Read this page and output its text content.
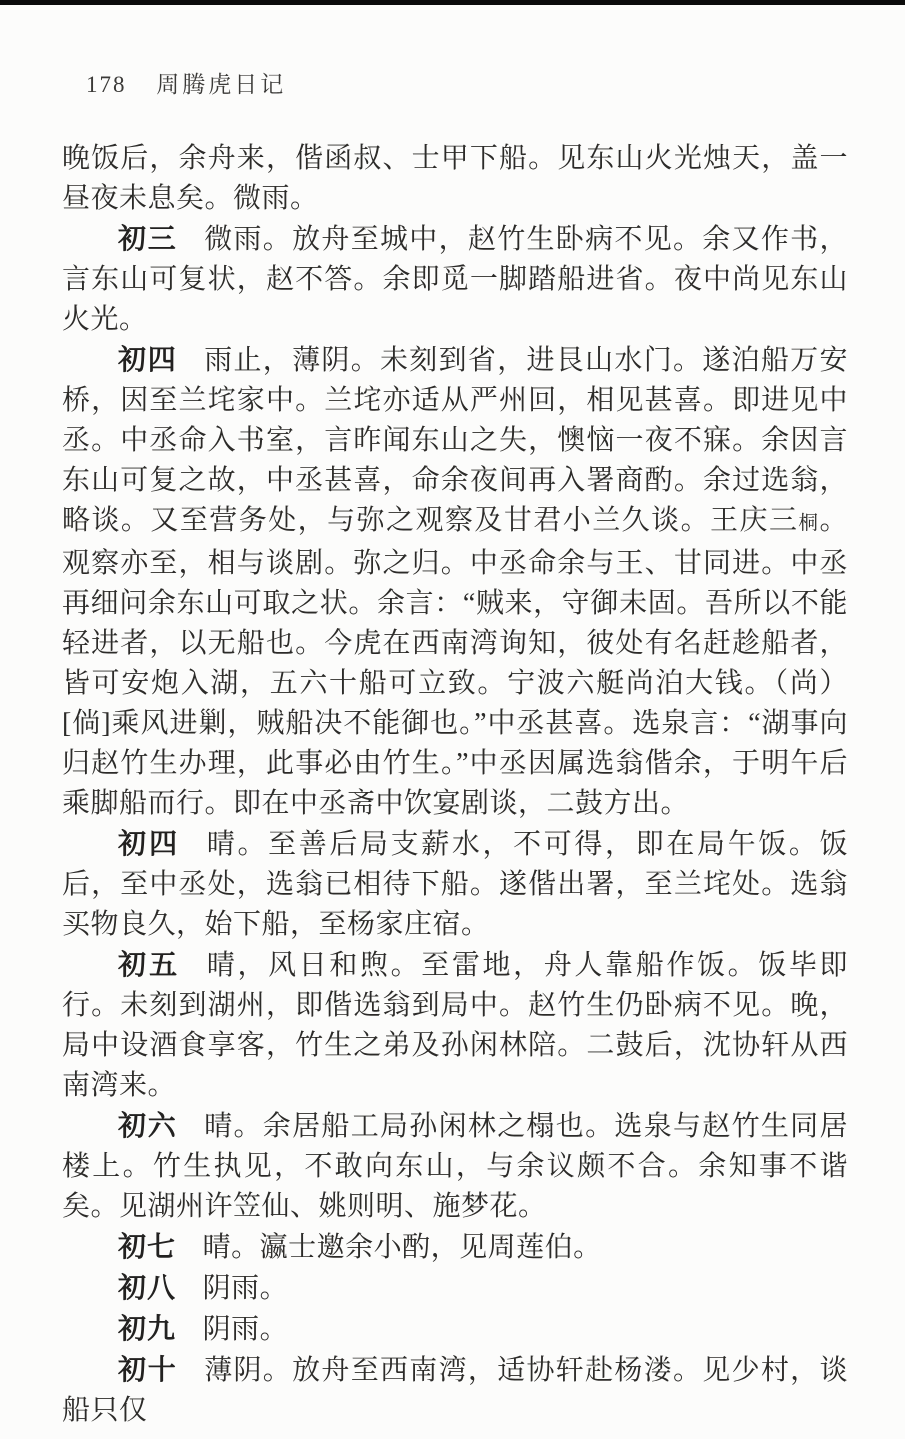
178 周腾虎日记
晚饭后，余舟来，偕函叔、士甲下船。见东山火光烛天，盖一昼夜未息矣。微雨。
初三 微雨。放舟至城中，赵竹生卧病不见。余又作书，言东山可复状，赵不答。余即觅一脚踏船进省。夜中尚见东山火光。
初四 雨止，薄阴。未刻到省，进艮山水门。遂泊船万安桥，因至兰垞家中。兰垞亦适从严州回，相见甚喜。即进见中丞。中丞命入书室，言昨闻东山之失，懊恼一夜不寐。余因言东山可复之故，中丞甚喜，命余夜间再入署商酌。余过选翁，略谈。又至营务处，与弥之观察及甘君小兰久谈。王庆三桐。观察亦至，相与谈剧。弥之归。中丞命余与王、甘同进。中丞再细问余东山可取之状。余言：“贼来，守御未固。吾所以不能轻进者，以无船也。今虎在西南湾询知，彼处有名赶趁船者，皆可安炮入湖，五六十船可立致。宁波六艇尚泊大钱。（尚）[倘]乘风进剿，贼船决不能御也。”中丞甚喜。选泉言：“湖事向归赵竹生办理，此事必由竹生。”中丞因属选翁偕余，于明午后乘脚船而行。即在中丞斋中饮宴剧谈，二鼓方出。
初四 晴。至善后局支薪水，不可得，即在局午饭。饭后，至中丞处，选翁已相待下船。遂偕出署，至兰垞处。选翁买物良久，始下船，至杨家庄宿。
初五 晴，风日和煦。至雷地，舟人靠船作饭。饭毕即行。未刻到湖州，即偕选翁到局中。赵竹生仍卧病不见。晚，局中设酒食享客，竹生之弟及孙闲林陪。二鼓后，沈协轩从西南湾来。
初六 晴。余居船工局孙闲林之榻也。选泉与赵竹生同居楼上。竹生执见，不敢向东山，与余议颇不合。余知事不谐矣。见湖州许笠仙、姚则明、施梦花。
初七 晴。瀛士邀余小酌，见周莲伯。
初八 阴雨。
初九 阴雨。
初十 薄阴。放舟至西南湾，适协轩赴杨溇。见少村，谈船只仅
